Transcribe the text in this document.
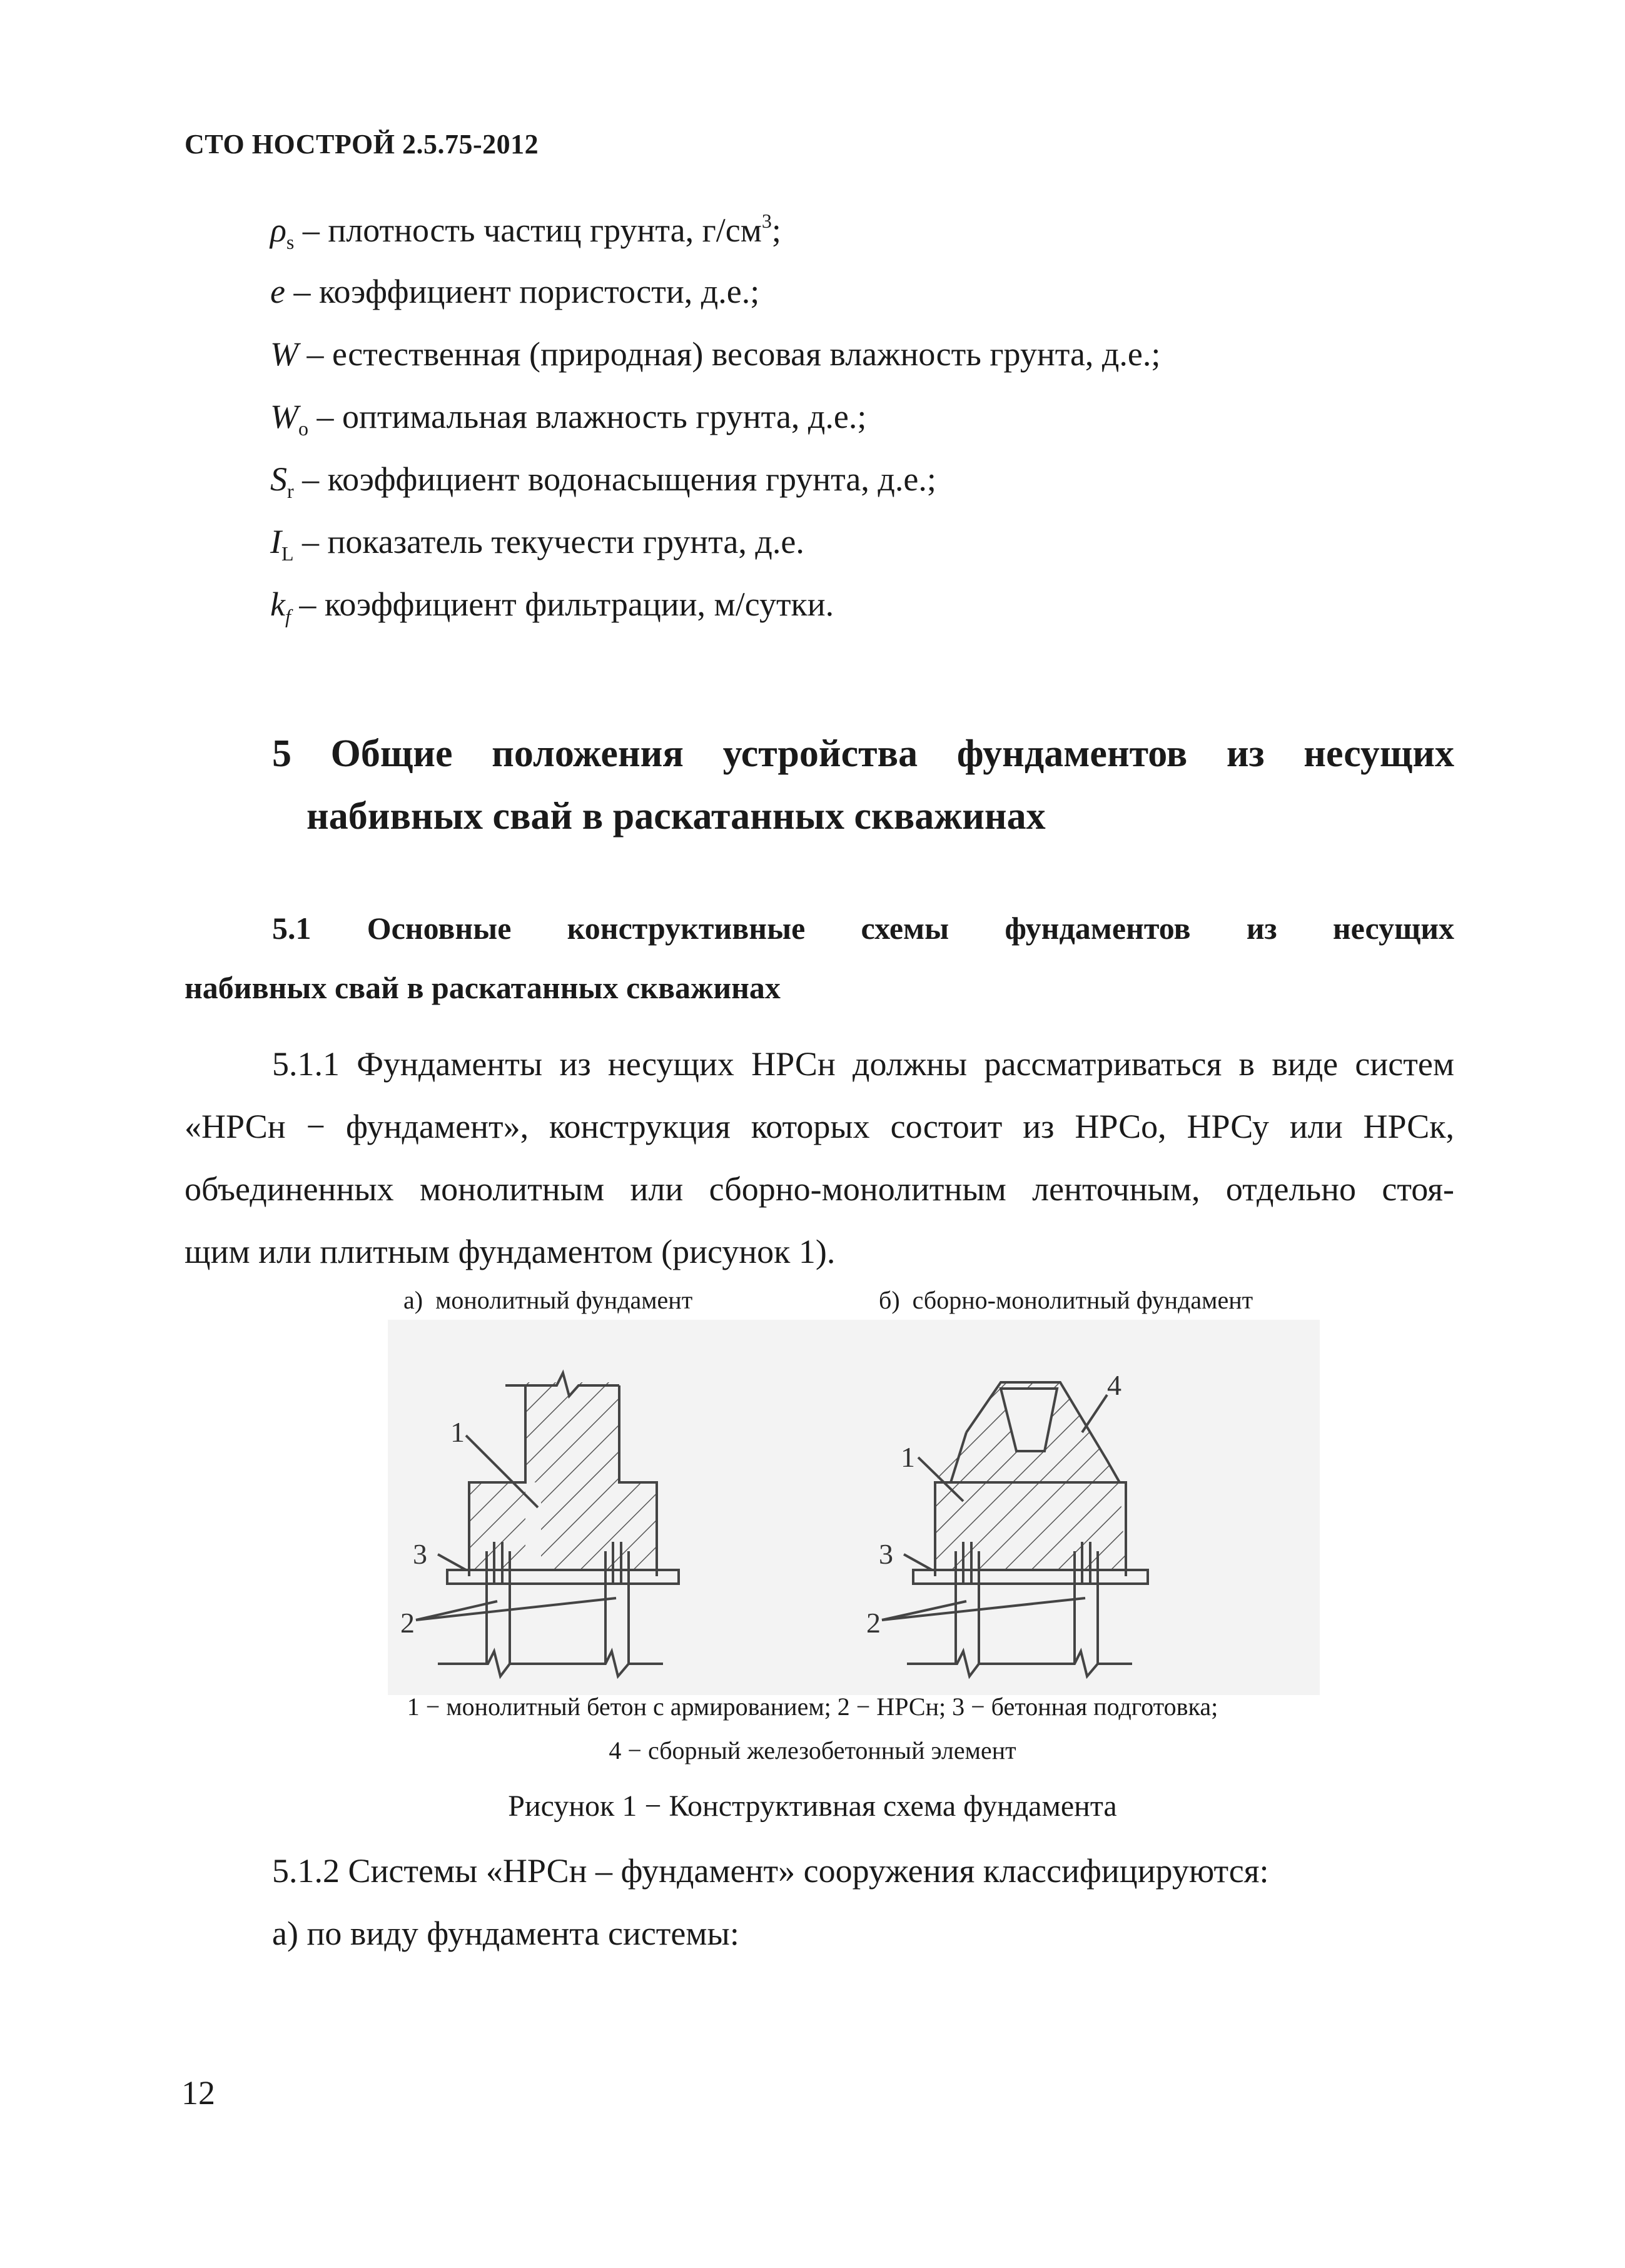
СТО НОСТРОЙ 2.5.75-2012
$\rho_s$ – плотность частиц грунта, $г/см^3$;
e – коэффициент пористости, д.е.;
W – естественная (природная) весовая влажность грунта, д.е.;
$W_o$ – оптимальная влажность грунта, д.е.;
$S_r$ – коэффициент водонасыщения грунта, д.е.;
$I_L$ – показатель текучести грунта, д.е.
$k_f$ – коэффициент фильтрации, м/сутки.
5 Общие положения устройства фундаментов из несущих
набивных свай в раскатанных скважинах
5.1 Основные конструктивные схемы фундаментов из несущих
набивных свай в раскатанных скважинах
5.1.1 Фундаменты из несущих НРСн должны рассматриваться в виде систем
«НРСн − фундамент», конструкция которых состоит из НРСо, НРСу или НРСк,
объединенных монолитным или сборно-монолитным ленточным, отдельно стоя-
щим или плитным фундаментом (рисунок 1).
а) монолитный фундамент	б) сборно-монолитный фундамент
1
3
2
1
4
3
2
1 − монолитный бетон с армированием; 2 − НРСн; 3 − бетонная подготовка;
4 − сборный железобетонный элемент
Рисунок 1 − Конструктивная схема фундамента
5.1.2 Системы «НРСн – фундамент» сооружения классифицируются:
а) по виду фундамента системы:
12
